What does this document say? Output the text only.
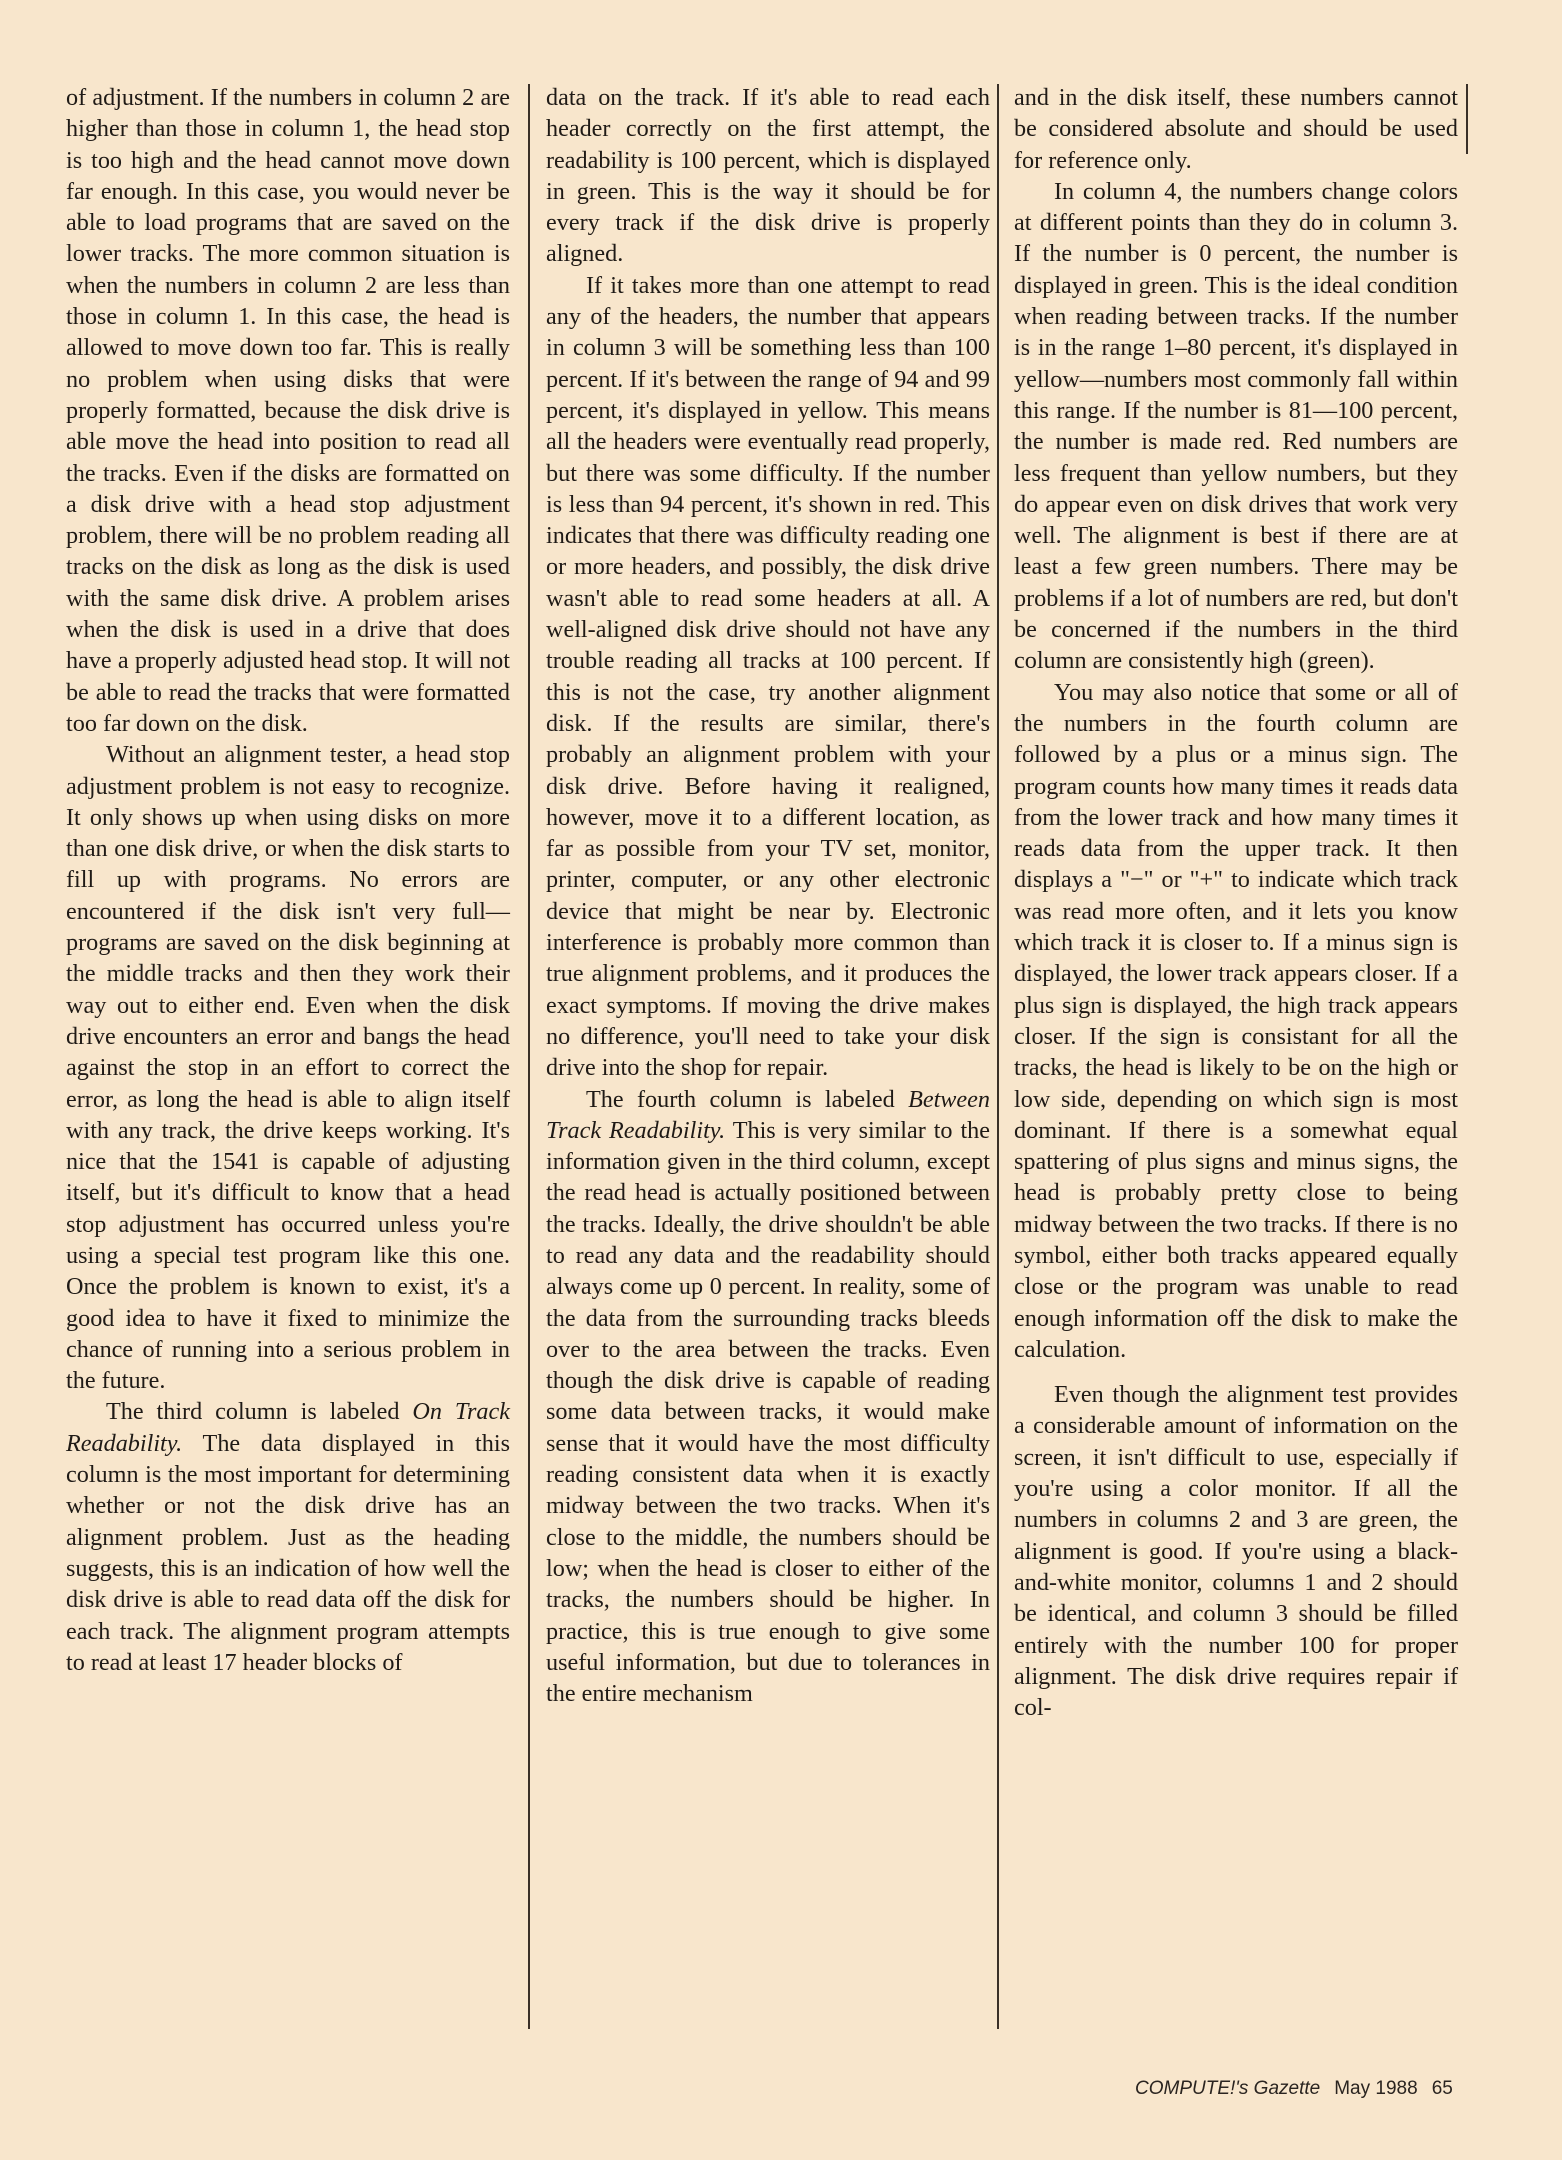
of adjustment. If the numbers in column 2 are higher than those in column 1, the head stop is too high and the head cannot move down far enough. In this case, you would never be able to load programs that are saved on the lower tracks. The more common situation is when the numbers in column 2 are less than those in column 1. In this case, the head is allowed to move down too far. This is really no problem when using disks that were properly formatted, because the disk drive is able move the head into position to read all the tracks. Even if the disks are formatted on a disk drive with a head stop adjustment problem, there will be no problem reading all tracks on the disk as long as the disk is used with the same disk drive. A problem arises when the disk is used in a drive that does have a properly adjusted head stop. It will not be able to read the tracks that were formatted too far down on the disk.

Without an alignment tester, a head stop adjustment problem is not easy to recognize. It only shows up when using disks on more than one disk drive, or when the disk starts to fill up with programs. No errors are encountered if the disk isn't very full—programs are saved on the disk beginning at the middle tracks and then they work their way out to either end. Even when the disk drive encounters an error and bangs the head against the stop in an effort to correct the error, as long the head is able to align itself with any track, the drive keeps working. It's nice that the 1541 is capable of adjusting itself, but it's difficult to know that a head stop adjustment has occurred unless you're using a special test program like this one. Once the problem is known to exist, it's a good idea to have it fixed to minimize the chance of running into a serious problem in the future.

The third column is labeled On Track Readability. The data displayed in this column is the most important for determining whether or not the disk drive has an alignment problem. Just as the heading suggests, this is an indication of how well the disk drive is able to read data off the disk for each track. The alignment program attempts to read at least 17 header blocks of

data on the track. If it's able to read each header correctly on the first attempt, the readability is 100 percent, which is displayed in green. This is the way it should be for every track if the disk drive is properly aligned.

If it takes more than one attempt to read any of the headers, the number that appears in column 3 will be something less than 100 percent. If it's between the range of 94 and 99 percent, it's displayed in yellow. This means all the headers were eventually read properly, but there was some difficulty. If the number is less than 94 percent, it's shown in red. This indicates that there was difficulty reading one or more headers, and possibly, the disk drive wasn't able to read some headers at all. A well-aligned disk drive should not have any trouble reading all tracks at 100 percent. If this is not the case, try another alignment disk. If the results are similar, there's probably an alignment problem with your disk drive. Before having it realigned, however, move it to a different location, as far as possible from your TV set, monitor, printer, computer, or any other electronic device that might be near by. Electronic interference is probably more common than true alignment problems, and it produces the exact symptoms. If moving the drive makes no difference, you'll need to take your disk drive into the shop for repair.

The fourth column is labeled Between Track Readability. This is very similar to the information given in the third column, except the read head is actually positioned between the tracks. Ideally, the drive shouldn't be able to read any data and the readability should always come up 0 percent. In reality, some of the data from the surrounding tracks bleeds over to the area between the tracks. Even though the disk drive is capable of reading some data between tracks, it would make sense that it would have the most difficulty reading consistent data when it is exactly midway between the two tracks. When it's close to the middle, the numbers should be low; when the head is closer to either of the tracks, the numbers should be higher. In practice, this is true enough to give some useful information, but due to tolerances in the entire mechanism

and in the disk itself, these numbers cannot be considered absolute and should be used for reference only.

In column 4, the numbers change colors at different points than they do in column 3. If the number is 0 percent, the number is displayed in green. This is the ideal condition when reading between tracks. If the number is in the range 1–80 percent, it's displayed in yellow—numbers most commonly fall within this range. If the number is 81—100 percent, the number is made red. Red numbers are less frequent than yellow numbers, but they do appear even on disk drives that work very well. The alignment is best if there are at least a few green numbers. There may be problems if a lot of numbers are red, but don't be concerned if the numbers in the third column are consistently high (green).

You may also notice that some or all of the numbers in the fourth column are followed by a plus or a minus sign. The program counts how many times it reads data from the lower track and how many times it reads data from the upper track. It then displays a "−" or "+" to indicate which track was read more often, and it lets you know which track it is closer to. If a minus sign is displayed, the lower track appears closer. If a plus sign is displayed, the high track appears closer. If the sign is consistant for all the tracks, the head is likely to be on the high or low side, depending on which sign is most dominant. If there is a somewhat equal spattering of plus signs and minus signs, the head is probably pretty close to being midway between the two tracks. If there is no symbol, either both tracks appeared equally close or the program was unable to read enough information off the disk to make the calculation.

Even though the alignment test provides a considerable amount of information on the screen, it isn't difficult to use, especially if you're using a color monitor. If all the numbers in columns 2 and 3 are green, the alignment is good. If you're using a black-and-white monitor, columns 1 and 2 should be identical, and column 3 should be filled entirely with the number 100 for proper alignment. The disk drive requires repair if col-

COMPUTE!'s Gazette May 1988 65
